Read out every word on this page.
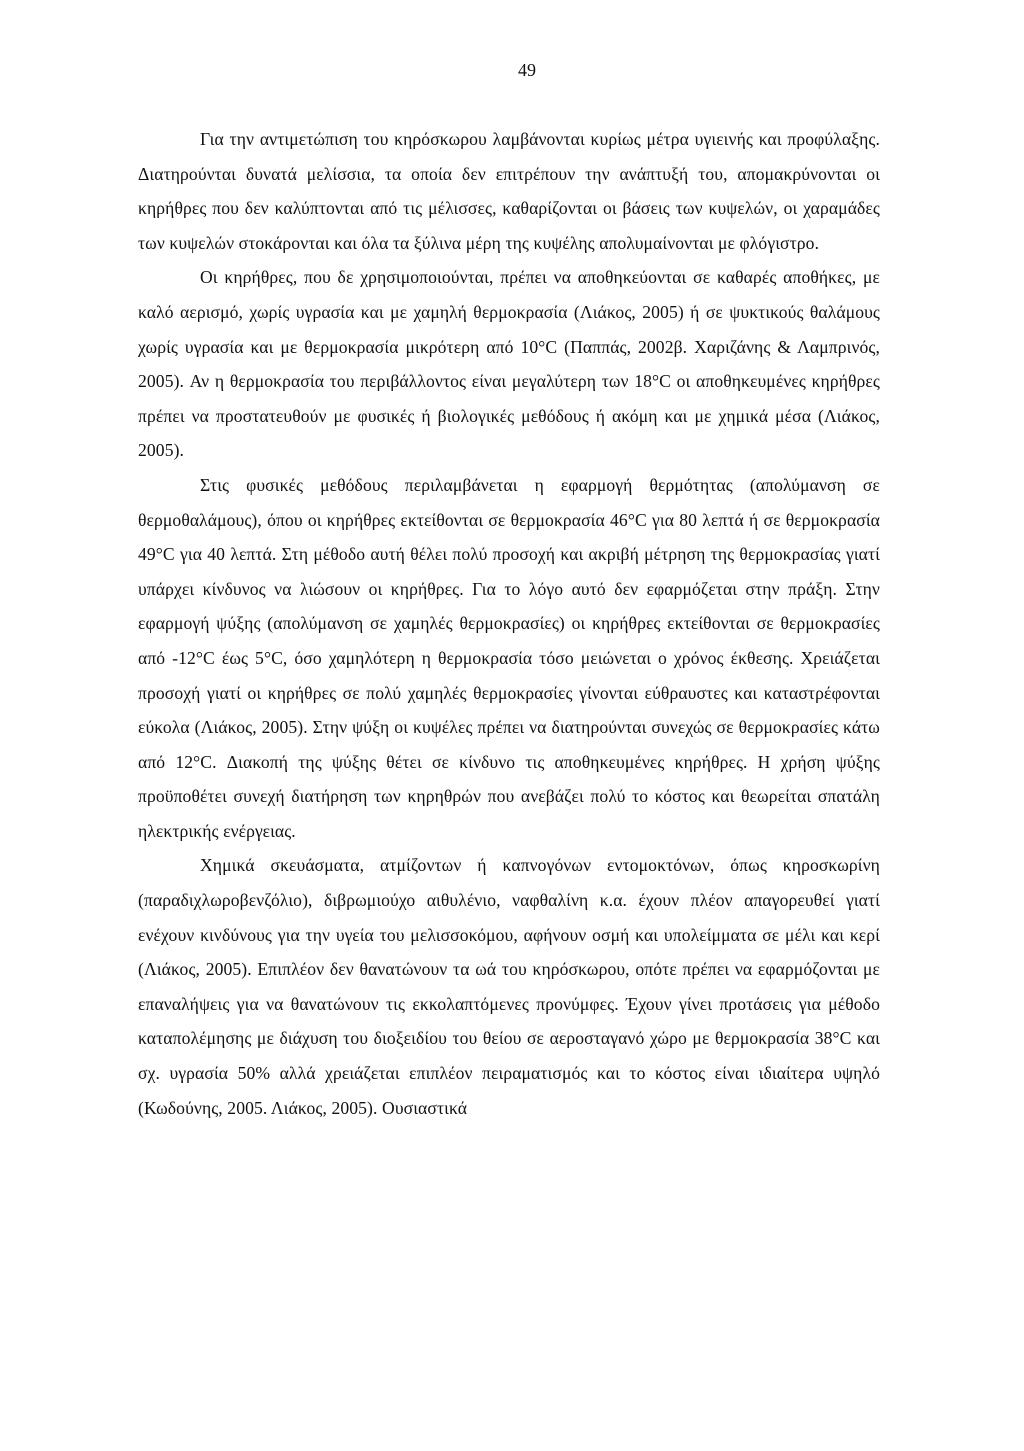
49

Για την αντιμετώπιση του κηρόσκωρου λαμβάνονται κυρίως μέτρα υγιεινής και προφύλαξης. Διατηρούνται δυνατά μελίσσια, τα οποία δεν επιτρέπουν την ανάπτυξή του, απομακρύνονται οι κηρήθρες που δεν καλύπτονται από τις μέλισσες, καθαρίζονται οι βάσεις των κυψελών, οι χαραμάδες των κυψελών στοκάρονται και όλα τα ξύλινα μέρη της κυψέλης απολυμαίνονται με φλόγιστρο.

Οι κηρήθρες, που δε χρησιμοποιούνται, πρέπει να αποθηκεύονται σε καθαρές αποθήκες, με καλό αερισμό, χωρίς υγρασία και με χαμηλή θερμοκρασία (Λιάκος, 2005) ή σε ψυκτικούς θαλάμους χωρίς υγρασία και με θερμοκρασία μικρότερη από 10°C (Παππάς, 2002β. Χαριζάνης & Λαμπρινός, 2005). Αν η θερμοκρασία του περιβάλλοντος είναι μεγαλύτερη των 18°C οι αποθηκευμένες κηρήθρες πρέπει να προστατευθούν με φυσικές ή βιολογικές μεθόδους ή ακόμη και με χημικά μέσα (Λιάκος, 2005).

Στις φυσικές μεθόδους περιλαμβάνεται η εφαρμογή θερμότητας (απολύμανση σε θερμοθαλάμους), όπου οι κηρήθρες εκτείθονται σε θερμοκρασία 46°C για 80 λεπτά ή σε θερμοκρασία 49°C για 40 λεπτά. Στη μέθοδο αυτή θέλει πολύ προσοχή και ακριβή μέτρηση της θερμοκρασίας γιατί υπάρχει κίνδυνος να λιώσουν οι κηρήθρες. Για το λόγο αυτό δεν εφαρμόζεται στην πράξη. Στην εφαρμογή ψύξης (απολύμανση σε χαμηλές θερμοκρασίες) οι κηρήθρες εκτείθονται σε θερμοκρασίες από -12°C έως 5°C, όσο χαμηλότερη η θερμοκρασία τόσο μειώνεται ο χρόνος έκθεσης. Χρειάζεται προσοχή γιατί οι κηρήθρες σε πολύ χαμηλές θερμοκρασίες γίνονται εύθραυστες και καταστρέφονται εύκολα (Λιάκος, 2005). Στην ψύξη οι κυψέλες πρέπει να διατηρούνται συνεχώς σε θερμοκρασίες κάτω από 12°C. Διακοπή της ψύξης θέτει σε κίνδυνο τις αποθηκευμένες κηρήθρες. Η χρήση ψύξης προϋποθέτει συνεχή διατήρηση των κηρηθρών που ανεβάζει πολύ το κόστος και θεωρείται σπατάλη ηλεκτρικής ενέργειας.

Χημικά σκευάσματα, ατμίζοντων ή καπνογόνων εντομοκτόνων, όπως κηροσκωρίνη (παραδιχλωροβενζόλιο), διβρωμιούχο αιθυλένιο, ναφθαλίνη κ.α. έχουν πλέον απαγορευθεί γιατί ενέχουν κινδύνους για την υγεία του μελισσοκόμου, αφήνουν οσμή και υπολείμματα σε μέλι και κερί (Λιάκος, 2005). Επιπλέον δεν θανατώνουν τα ωά του κηρόσκωρου, οπότε πρέπει να εφαρμόζονται με επαναλήψεις για να θανατώνουν τις εκκολαπτόμενες προνύμφες. Έχουν γίνει προτάσεις για μέθοδο καταπολέμησης με διάχυση του διοξειδίου του θείου σε αεροσταγανό χώρο με θερμοκρασία 38°C και σχ. υγρασία 50% αλλά χρειάζεται επιπλέον πειραματισμός και το κόστος είναι ιδιαίτερα υψηλό (Κωδούνης, 2005. Λιάκος, 2005). Ουσιαστικά
